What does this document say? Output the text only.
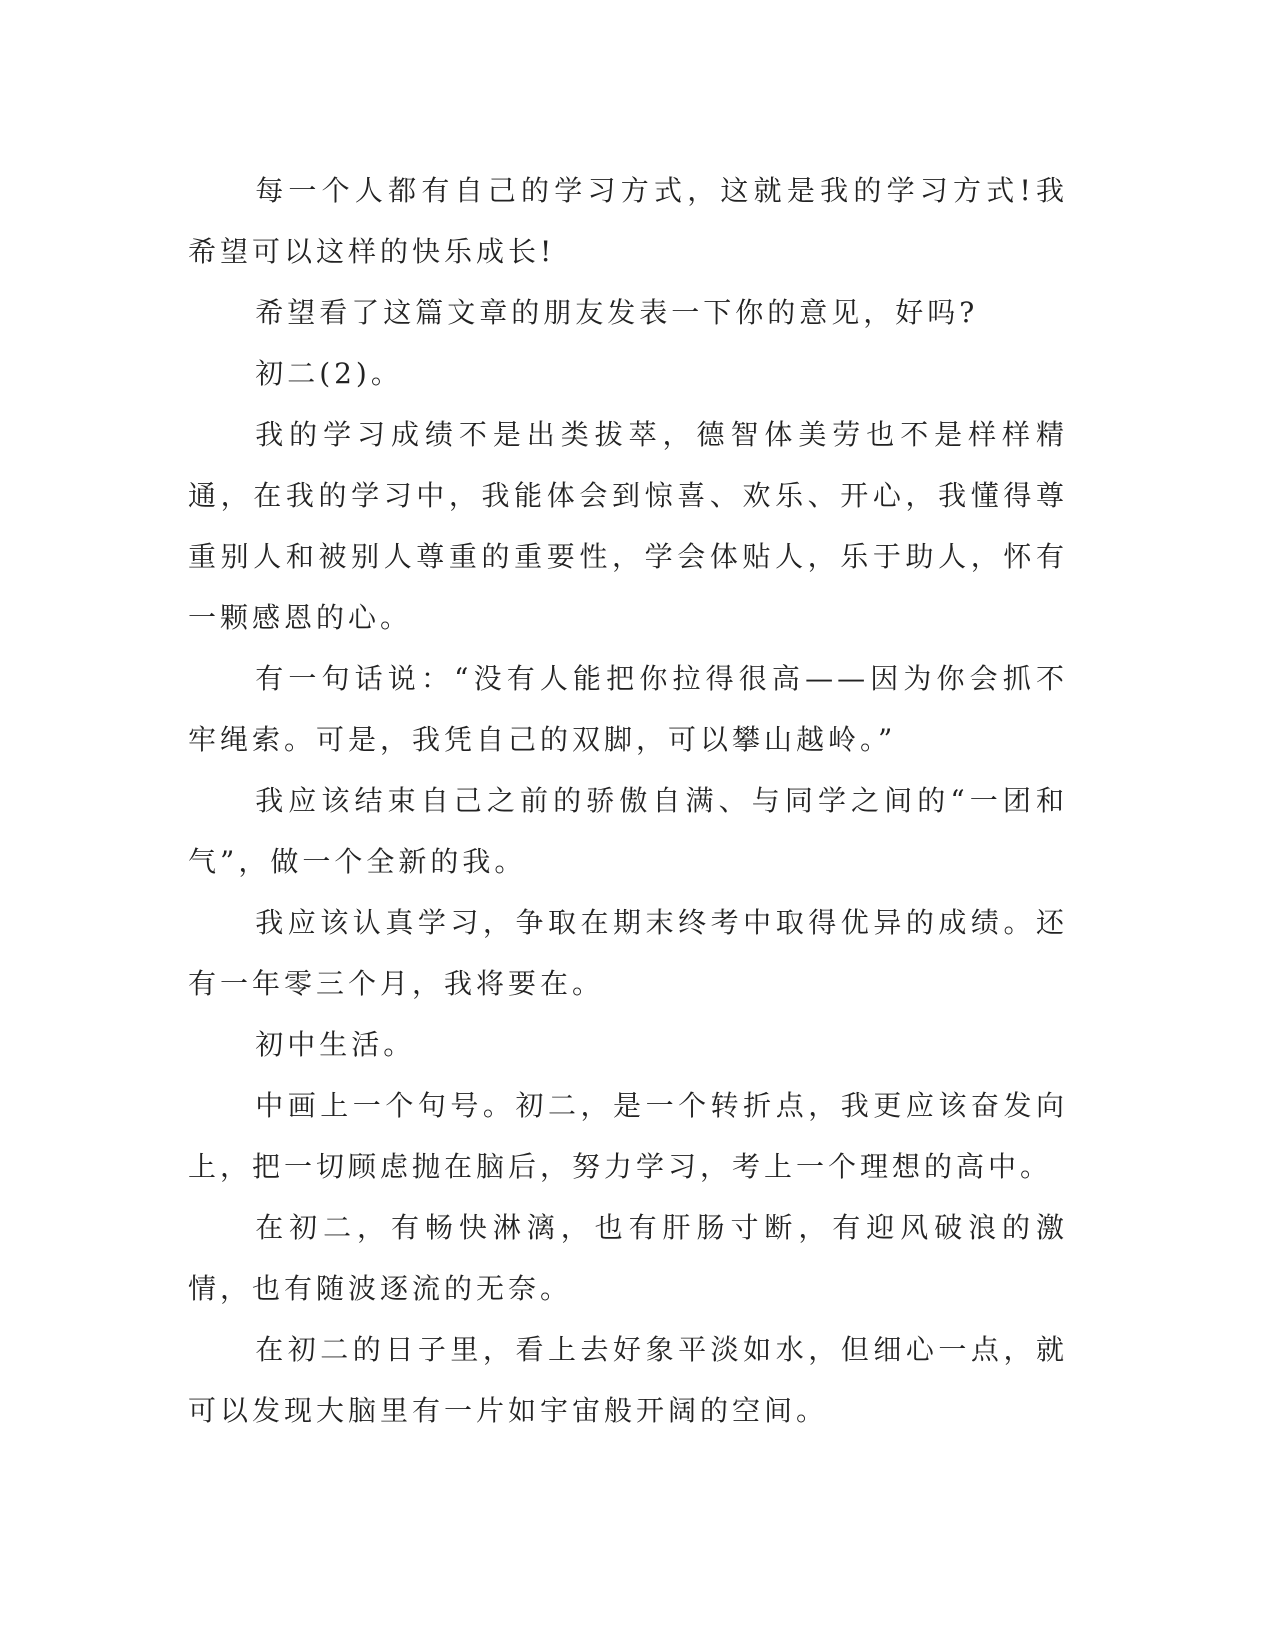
每一个人都有自己的学习方式，这就是我的学习方式!我希望可以这样的快乐成长!

希望看了这篇文章的朋友发表一下你的意见，好吗?

初二(2)。

我的学习成绩不是出类拔萃，德智体美劳也不是样样精通，在我的学习中，我能体会到惊喜、欢乐、开心，我懂得尊重别人和被别人尊重的重要性，学会体贴人，乐于助人，怀有一颗感恩的心。

有一句话说：“没有人能把你拉得很高——因为你会抓不牢绳索。可是，我凭自己的双脚，可以攀山越岭。”

我应该结束自己之前的骄傲自满、与同学之间的“一团和气”，做一个全新的我。

我应该认真学习，争取在期末终考中取得优异的成绩。还有一年零三个月，我将要在。

初中生活。

中画上一个句号。初二，是一个转折点，我更应该奋发向上，把一切顾虑抛在脑后，努力学习，考上一个理想的高中。

在初二，有畅快淋漓，也有肝肠寸断，有迎风破浪的激情，也有随波逐流的无奈。

在初二的日子里，看上去好象平淡如水，但细心一点，就可以发现大脑里有一片如宇宙般开阔的空间。
